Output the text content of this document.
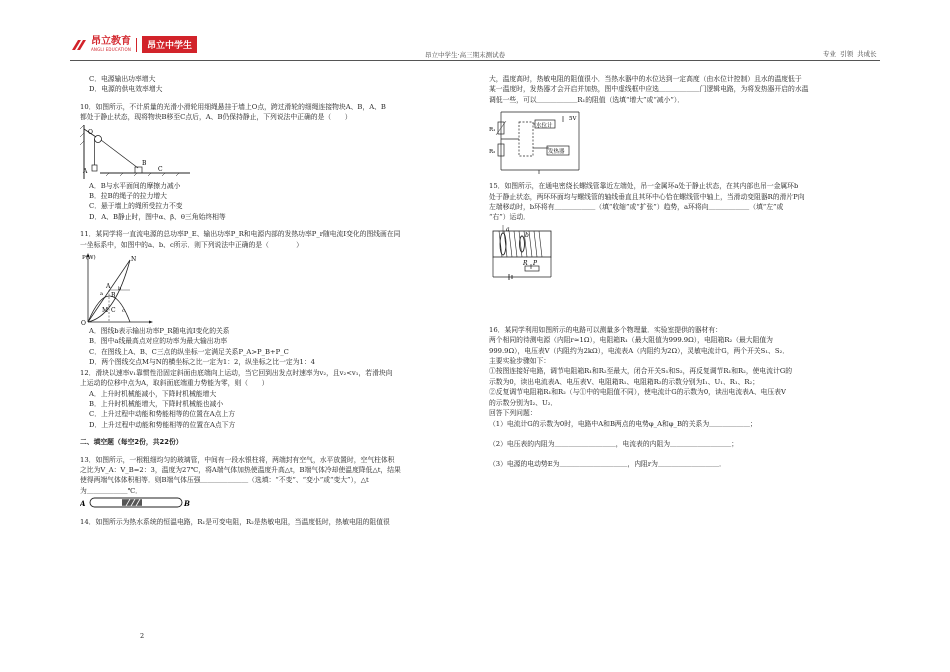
昂立教育
ANGLI EDUCATION	昂立中学生
昂立中学生·高三期末测试卷	专业 引领 共成长
C．电源输出功率增大
D．电源的供电效率增大
10．如图所示，不计质量的光滑小滑轮用细绳悬挂于墙上O点，跨过滑轮的细绳连接物块A、B，A、B
都处于静止状态，现将物块B移至C点后，A、B仍保持静止，下列说法中正确的是（　　）
O
A
B
C
A．B与水平面间的摩擦力减小
B．拉B的绳子的拉力增大
C．悬于墙上的绳所受拉力不变
D．A、B静止时，图中α、β、θ三角始终相等
11．某同学将一直流电源的总功率P_E、输出功率P_R和电源内部的发热功率P_r随电流I变化的图线画在同
一坐标系中，如图中的a、b、c所示．则下列说法中正确的是（　　　　）
P(W)
O
N
A
B
C
M
a
b
c
A．图线b表示输出功率P_R随电流I变化的关系
B．图中a线最高点对应的功率为最大输出功率
C．在图线上A、B、C三点的纵坐标一定满足关系P_A>P_B+P_C
D．两个图线交点M与N的横坐标之比一定为1：2，纵坐标之比一定为1：4
12．滑块以速率v₁靠惯性沿固定斜面由底端向上运动，当它回到出发点时速率为v₂，且v₂<v₁，若滑块向
上运动的位移中点为A，取斜面底端重力势能为零，则（　　）
A．上升时机械能减小，下降时机械能增大
B．上升时机械能增大，下降时机械能也减小
C．上升过程中动能和势能相等的位置在A点上方
D．上升过程中动能和势能相等的位置在A点下方
二、填空题（每空2份，共22份）
13．如图所示，一根粗细均匀的玻璃管，中间有一段水银柱将，两端封有空气，水平放置时，空气柱体积
之比为V_A：V_B=2：3，温度为27℃，将A端气体加热使温度升高△t，B端气体冷却使温度降低△t，结果
使得两端气体体积相等．则B端气体压强＿＿＿＿＿＿＿（选填：“不变”、“变小”或“变大”），△t
为＿＿＿＿＿＿℃．
A	B
14．如图所示为热水系统的恒温电路，R₁是可变电阻，R₂是热敏电阻，当温度低时，热敏电阻的阻值很
2
大，温度高时，热敏电阻的阻值很小．当热水器中的水位达到一定高度（由水位计控制）且水的温度低于
某一温度时，发热器才会开启并加热，图中虚线框中应选＿＿＿＿＿＿门逻辑电路，为将发热器开启的水温
调低一些，可以＿＿＿＿＿＿R₁的阻值（选填“增大”或“减小”）．
R₁
R₂
水位计
发热器
5V
15．如图所示，在通电密绕长螺线管靠近左端处，吊一金属环a处于静止状态，在其内部也吊一金属环b
处于静止状态，两环环面均与螺线管的轴线垂直且其环中心恰在螺线管中轴上，当滑动变阻器R的滑片P向
左端移动时，b环将有＿＿＿＿＿＿（填“收缩”或“扩张”）趋势，a环将向＿＿＿＿＿＿（填“左”或
“右”）运动．
a
b
R P
16．某同学利用如图所示的电路可以测量多个物理量．实验室提供的器材有：
两个相同的待测电源（内阻r≈1Ω），电阻箱R₁（最大阻值为999.9Ω），电阻箱R₂（最大阻值为
999.9Ω），电压表V（内阻约为2kΩ），电流表A（内阻约为2Ω），灵敏电流计G，两个开关S₁、S₂．
主要实验步骤如下：
①按图连接好电路，调节电阻箱R₁和R₂至最大，闭合开关S₁和S₂，再反复调节R₁和R₂，使电流计G的
示数为0，读出电流表A、电压表V、电阻箱R₁、电阻箱R₂的示数分别为I₁、U₁、R₁、R₂；
②反复调节电阻箱R₁和R₂（与①中的电阻值不同），使电流计G的示数为0，读出电流表A、电压表V
的示数分别为I₂、U₂．
回答下列问题：
（1）电流计G的示数为0时，电路中A和B两点的电势φ_A和φ_B的关系为＿＿＿＿＿＿；
（2）电压表的内阻为＿＿＿＿＿＿＿＿＿，电流表的内阻为＿＿＿＿＿＿＿＿＿；
（3）电源的电动势E为＿＿＿＿＿＿＿＿＿＿，内阻r为＿＿＿＿＿＿＿＿＿．
